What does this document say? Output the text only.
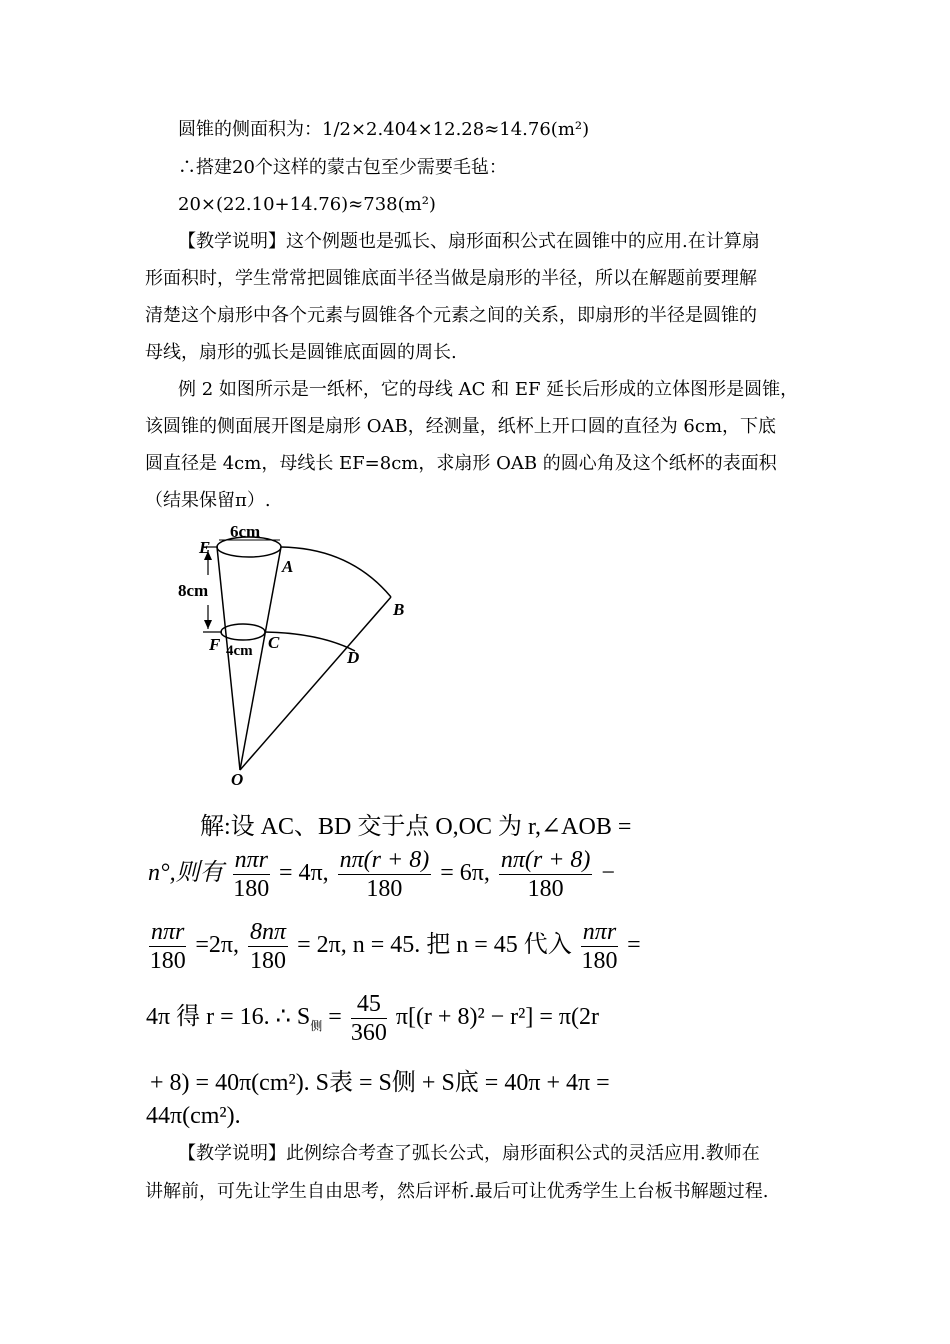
圆锥的侧面积为：1/2×2.404×12.28≈14.76(m²)
∴搭建20个这样的蒙古包至少需要毛毡：
20×(22.10+14.76)≈738(m²)
【教学说明】这个例题也是弧长、扇形面积公式在圆锥中的应用.在计算扇
形面积时，学生常常把圆锥底面半径当做是扇形的半径，所以在解题前要理解
清楚这个扇形中各个元素与圆锥各个元素之间的关系，即扇形的半径是圆锥的
母线，扇形的弧长是圆锥底面圆的周长.
例 2 如图所示是一纸杯，它的母线 AC 和 EF 延长后形成的立体图形是圆锥，
该圆锥的侧面展开图是扇形 OAB，经测量，纸杯上开口圆的直径为 6cm，下底
圆直径是 4cm，母线长 EF=8cm，求扇形 OAB 的圆心角及这个纸杯的表面积
（结果保留π）.
6cm
8cm
4cm
E
A
B
F	C
D
O
解:设 AC、BD 交于点 O,OC 为 r,∠AOB =
n°,则有 $\frac{\text{nπr}}{180} = 4\pi$, $\frac{n\pi(r + 8)}{180} = 6\pi$, $\frac{n\pi(r + 8)}{180}$ −
$\frac{\text{nπr}}{180} =2\pi$, $\frac{8n\pi}{180} = 2\pi$, n = 45. 把 n = 45 代入 $\frac{\text{nπr}}{180}$ =
4π 得 r = 16. ∴ $S_侧 = \frac{45}{360} \pi[(r + 8)^2 - r^2] = \pi(2r$
+ 8) = 40π(cm²). S表 = S侧 + S底 = 40π + 4π =
44π(cm²).
【教学说明】此例综合考查了弧长公式，扇形面积公式的灵活应用.教师在
讲解前，可先让学生自由思考，然后评析.最后可让优秀学生上台板书解题过程.
